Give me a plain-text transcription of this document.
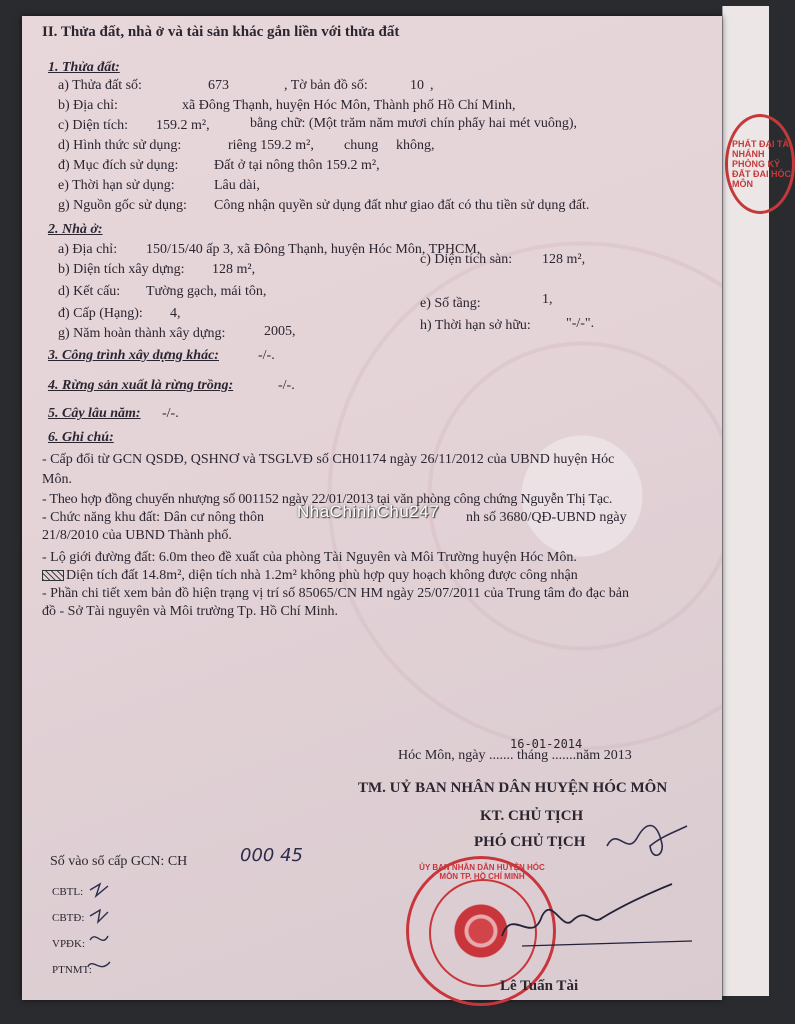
PHÁT ĐẠI TÀI NHÁNH PHÒNG KÝ ĐẤT ĐAI HÓC MÔN
II. Thửa đất, nhà ở và tài sản khác gắn liền với thửa đất
1. Thửa đất:
a) Thửa đất số:	673	, Tờ bản đồ số:	10 ,
b) Địa chỉ:	xã Đông Thạnh, huyện Hóc Môn, Thành phố Hồ Chí Minh,
c) Diện tích: 159.2 m²,	bằng chữ: (Một trăm năm mươi chín phẩy hai mét vuông),
d) Hình thức sử dụng:	riêng 159.2 m², chung không,
đ) Mục đích sử dụng:	Đất ở tại nông thôn 159.2 m²,
e) Thời hạn sử dụng:	Lâu dài,
g) Nguồn gốc sử dụng: Công nhận quyền sử dụng đất như giao đất có thu tiền sử dụng đất.
2. Nhà ở:
a) Địa chỉ: 150/15/40 ấp 3, xã Đông Thạnh, huyện Hóc Môn, TPHCM,
b) Diện tích xây dựng: 128 m²,
c) Diện tích sàn: 128 m²,
d) Kết cấu: Tường gạch, mái tôn,
e) Số tầng:	1,
đ) Cấp (Hạng): 4,
g) Năm hoàn thành xây dựng:	2005,	h) Thời hạn sở hữu:	"-/-".
3. Công trình xây dựng khác:	-/-.
4. Rừng sản xuất là rừng trồng:	-/-.
5. Cây lâu năm: -/-.
6. Ghi chú:
- Cấp đổi từ GCN QSDĐ, QSHNƠ và TSGLVĐ số CH01174 ngày 26/11/2012 của UBND huyện Hóc
Môn.
- Theo hợp đồng chuyển nhượng số 001152 ngày 22/01/2013 tại văn phòng công chứng Nguyễn Thị Tạc.
- Chức năng khu đất: Dân cư nông thôn	nh số 3680/QĐ-UBND ngày
21/8/2010 của UBND Thành phố.
- Lộ giới đường đất: 6.0m theo đề xuất của phòng Tài Nguyên và Môi Trường huyện Hóc Môn.
Diện tích đất 14.8m², diện tích nhà 1.2m² không phù hợp quy hoạch không được công nhận
- Phần chi tiết xem bản đồ hiện trạng vị trí số 85065/CN HM ngày 25/07/2011 của Trung tâm đo đạc bản
đồ - Sở Tài nguyên và Môi trường Tp. Hồ Chí Minh.
NhaChinhChu247
16-01-2014
Hóc Môn, ngày ....... tháng .......năm 2013
TM. UỶ BAN NHÂN DÂN HUYỆN HÓC MÔN
KT. CHỦ TỊCH
PHÓ CHỦ TỊCH
Số vào sổ cấp GCN: CH	000 45
CBTL:
CBTĐ:
VPĐK:
PTNMT:
ỦY BAN NHÂN DÂN HUYỆN HÓC MÔN TP. HỒ CHÍ MINH
Lê Tuấn Tài
